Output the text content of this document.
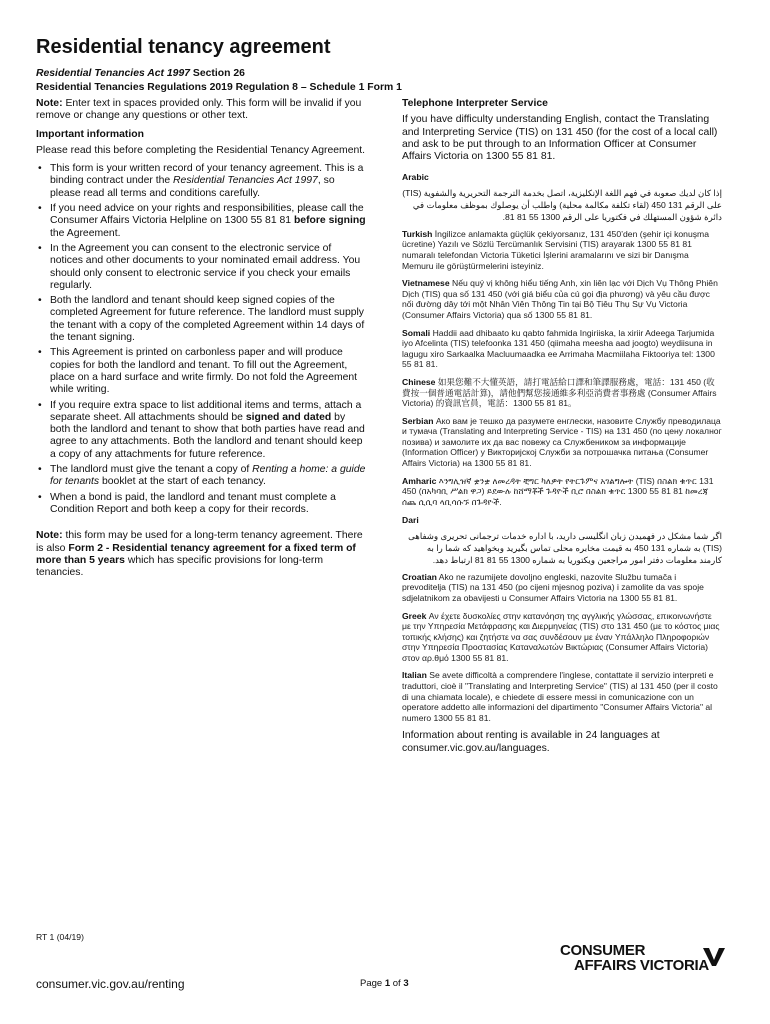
Residential tenancy agreement
Residential Tenancies Act 1997 Section 26
Residential Tenancies Regulations 2019 Regulation 8 – Schedule 1 Form 1

Note: Enter text in spaces provided only. This form will be invalid if you remove or change any questions or other text.

Important information

Please read this before completing the Residential Tenancy Agreement.

• This form is your written record of your tenancy agreement. This is a binding contract under the Residential Tenancies Act 1997, so please read all terms and conditions carefully.
• If you need advice on your rights and responsibilities, please call the Consumer Affairs Victoria Helpline on 1300 55 81 81 before signing the Agreement.
• In the Agreement you can consent to the electronic service of notices and other documents to your nominated email address. You should only consent to electronic service if you check your emails regularly.
• Both the landlord and tenant should keep signed copies of the completed Agreement for future reference. The landlord must supply the tenant with a copy of the completed Agreement within 14 days of the tenant signing.
• This Agreement is printed on carbonless paper and will produce copies for both the landlord and tenant. To fill out the Agreement, place on a hard surface and write firmly. Do not fold the Agreement while writing.
• If you require extra space to list additional items and terms, attach a separate sheet. All attachments should be signed and dated by both the landlord and tenant to show that both parties have read and agree to any attachments. Both the landlord and tenant should keep a copy of any attachments for future reference.
• The landlord must give the tenant a copy of Renting a home: a guide for tenants booklet at the start of each tenancy.
• When a bond is paid, the landlord and tenant must complete a Condition Report and both keep a copy for their records.

Note: this form may be used for a long-term tenancy agreement. There is also Form 2 - Residential tenancy agreement for a fixed term of more than 5 years which has specific provisions for long-term tenancies.

Telephone Interpreter Service

If you have difficulty understanding English, contact the Translating and Interpreting Service (TIS) on 131 450 (for the cost of a local call) and ask to be put through to an Information Officer at Consumer Affairs Victoria on 1300 55 81 81.

Arabic

إذا كان لديك صعوبة في فهم اللغة الإنكليزية، اتصل بخدمة الترجمة التحريرية والشفوية (TIS) على الرقم 131 450 (لقاء تكلفة مكالمة محلية) واطلب أن يوصلوك بموظف معلومات في دائرة شؤون المستهلك في فكتوريا على الرقم 1300 55 81 81.

Turkish İngilizce anlamakta güçlük çekiyorsanız, 131 450’den (şehir içi konuşma ücretine) Yazılı ve Sözlü Tercümanlık Servisini (TIS) arayarak 1300 55 81 81 numaralı telefondan Victoria Tüketici İşlerini aramalarını ve sizi bir Danışma Memuru ile görüştürmelerini isteyiniz.

Vietnamese Nếu quý vị không hiểu tiếng Anh, xin liên lạc với Dịch Vụ Thông Phiên Dịch (TIS) qua số 131 450 (với giá biểu của cú gọi địa phương) và yêu cầu được nối đường dây tới một Nhân Viên Thông Tin tại Bộ Tiêu Thụ Sự Vụ Victoria (Consumer Affairs Victoria) qua số 1300 55 81 81.

Somali Haddii aad dhibaato ku qabto fahmida Ingiriiska, la xiriir Adeega Tarjumida iyo Afcelinta (TIS) telefoonka 131 450 (qiimaha meesha aad joogto) weydiisuna in lagugu xiro Sarkaalka Macluumaadka ee Arrimaha Macmiilaha Fiktooriya tel: 1300 55 81 81.

Chinese 如果您難不大懂英語，請打電話給口譯和筆譯服務處，電話：131 450 (收費按一個普通電話計算)，請他們幫您接通維多利亞消費者事務處 (Consumer Affairs Victoria) 的資訊官員，電話：1300 55 81 81。

Serbian Ако вам је тешко да разумете енглески, назовите Службу преводилаца и тумача (Translating and Interpreting Service - TIS) на 131 450 (по цену локалног позива) и замолите их да вас повежу са Службеником за информације (Information Officer) у Викторијској Служби за потрошачка питања (Consumer Affairs Victoria) на 1300 55 81 81.

Amharic እንግሊዝኛ ቋንቋ ለመረዳት ቺግር ካለዎት የትርጉምና አገልግሎት (TIS) በስልክ ቁጥር 131 450 (በአካባቢ ሥልክ ዋጋ) ይደውሉ ከሸማቾች ጉዳዮች ቢሮ በስልክ ቁጥር 1300 55 81 81 ከመረጃ ሰጨ ሲሲባ ላቢሳሱኙ በጉዳዮች.

Dari

اگر شما مشکل در فهمیدن زبان انگلیسی دارید، با اداره خدمات ترجمانی تحریری وشفاهی (TIS) به شماره 131 450 به قیمت مخابره محلی تماس بگیرید وبخواهید که شما را به کارمند معلومات دفتر امور مراجعین ویکتوریا به شماره 1300 55 81 81 ارتباط دهد.

Croatian Ako ne razumijete dovoljno engleski, nazovite Službu tumača i prevoditelja (TIS) na 131 450 (po cijeni mjesnog poziva) i zamolite da vas spoje sdjelatnikom za obavijesti u Consumer Affairs Victoria na 1300 55 81 81.

Greek Αν έχετε δυσκολίες στην κατανόηση της αγγλικής γλώσσας, επικοινωνήστε με την Υπηρεσία Μετάφρασης και Διερμηνείας (TIS) στο 131 450 (με το κόστος μιας τοπικής κλήσης) και ζητήστε να σας συνδέσουν με έναν Υπάλληλο Πληροφοριών στην Υπηρεσία Προστασίας Καταναλωτών Βικτώριας (Consumer Affairs Victoria) στον αρ.θμό 1300 55 81 81.

Italian Se avete difficoltà a comprendere l'inglese, contattate il servizio interpreti e traduttori, cioè il "Translating and Interpreting Service" (TIS) al 131 450 (per il costo di una chiamata locale), e chiedete di essere messi in comunicazione con un operatore addetto alle informazioni del dipartimento "Consumer Affairs Victoria" al numero 1300 55 81 81.

Information about renting is available in 24 languages at consumer.vic.gov.au/languages.

RT 1 (04/19)
CONSUMER
AFFAIRS VICTORIA
consumer.vic.gov.au/renting	Page 1 of 3
